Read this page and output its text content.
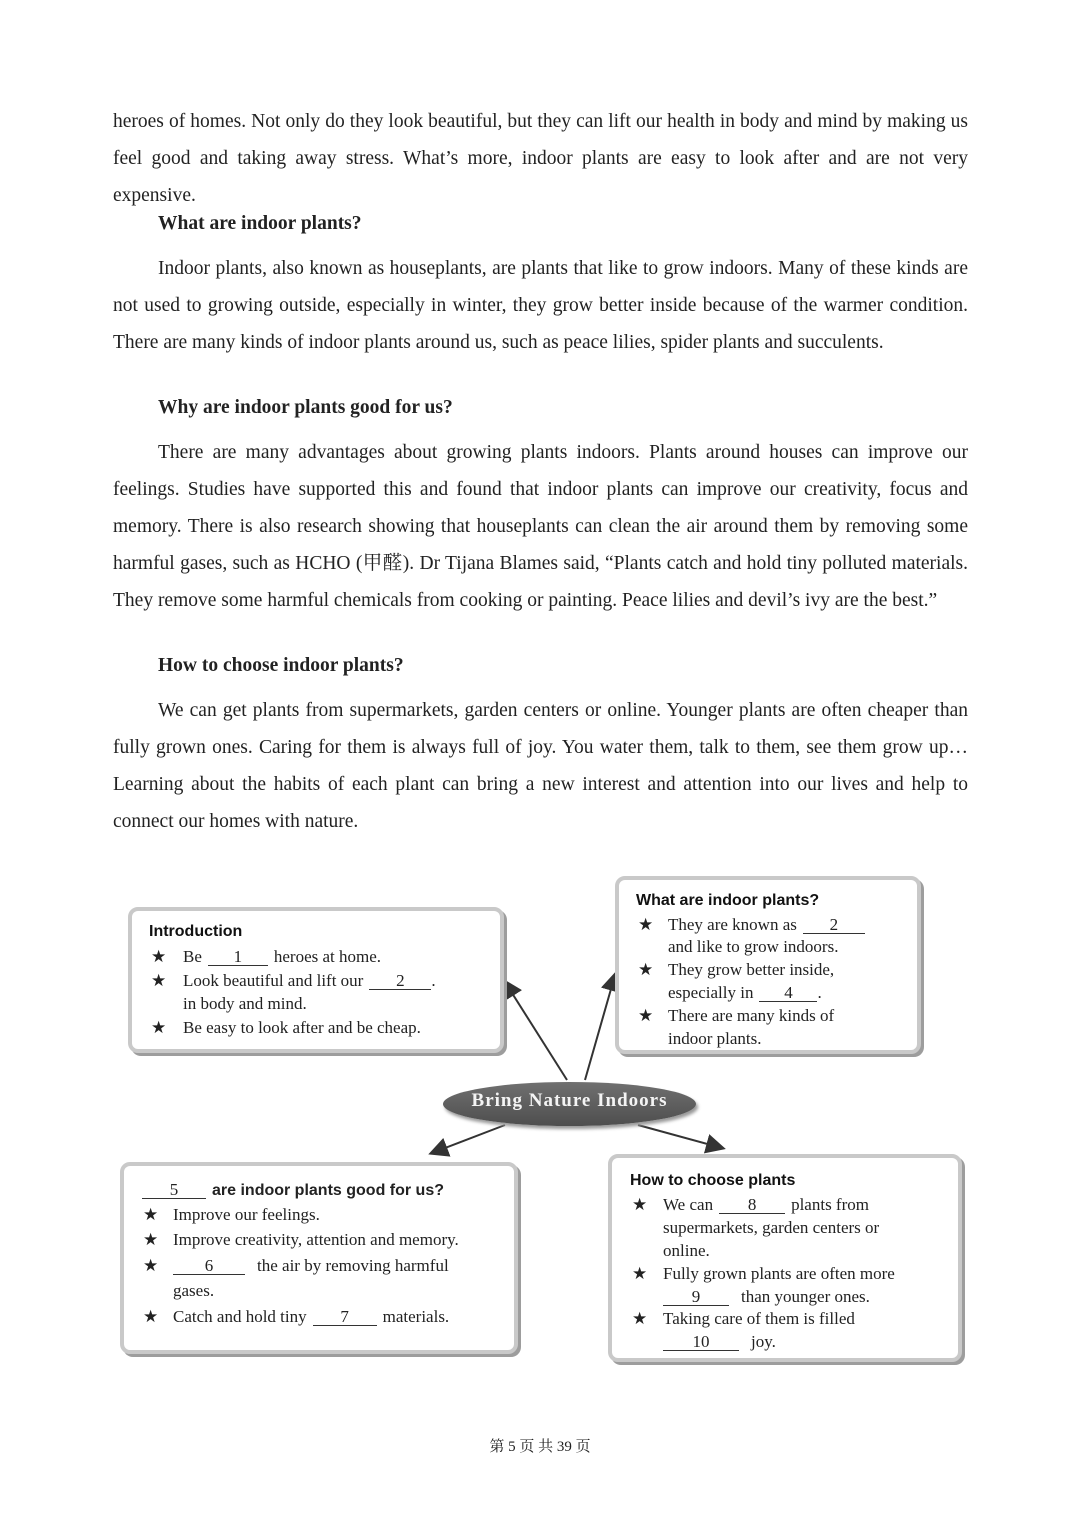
heroes of homes. Not only do they look beautiful, but they can lift our health in body and mind by making us feel good and taking away stress. What’s more, indoor plants are easy to look after and are not very expensive.

What are indoor plants?

Indoor plants, also known as houseplants, are plants that like to grow indoors. Many of these kinds are not used to growing outside, especially in winter, they grow better inside because of the warmer condition. There are many kinds of indoor plants around us, such as peace lilies, spider plants and succulents.

Why are indoor plants good for us?

There are many advantages about growing plants indoors. Plants around houses can improve our feelings. Studies have supported this and found that indoor plants can improve our creativity, focus and memory. There is also research showing that houseplants can clean the air around them by removing some harmful gases, such as HCHO (甲醛). Dr Tijana Blames said, “Plants catch and hold tiny polluted materials. They remove some harmful chemicals from cooking or painting. Peace lilies and devil’s ivy are the best.”

How to choose indoor plants?

We can get plants from supermarkets, garden centers or online. Younger plants are often cheaper than fully grown ones. Caring for them is always full of joy. You water them, talk to them, see them grow up… Learning about the habits of each plant can bring a new interest and attention into our lives and help to connect our homes with nature.

Introduction
★ Be 1 heroes at home.
★ Look beautiful and lift our 2 .
in body and mind.
★ Be easy to look after and be cheap.
What are indoor plants?
★ They are known as 2
and like to grow indoors.
★ They grow better inside,
especially in 4 .
★ There are many kinds of
indoor plants.
Bring Nature Indoors
5 are indoor plants good for us?
★ Improve our feelings.
★ Improve creativity, attention and memory.
★	6	the air by removing harmful
gases.
★ Catch and hold tiny 7 materials.
How to choose plants
★ We can 8 plants from
supermarkets, garden centers or
online.
★ Fully grown plants are often more
9 than younger ones.
★ Taking care of them is filled
10 joy.
第 5 页 共 39 页
